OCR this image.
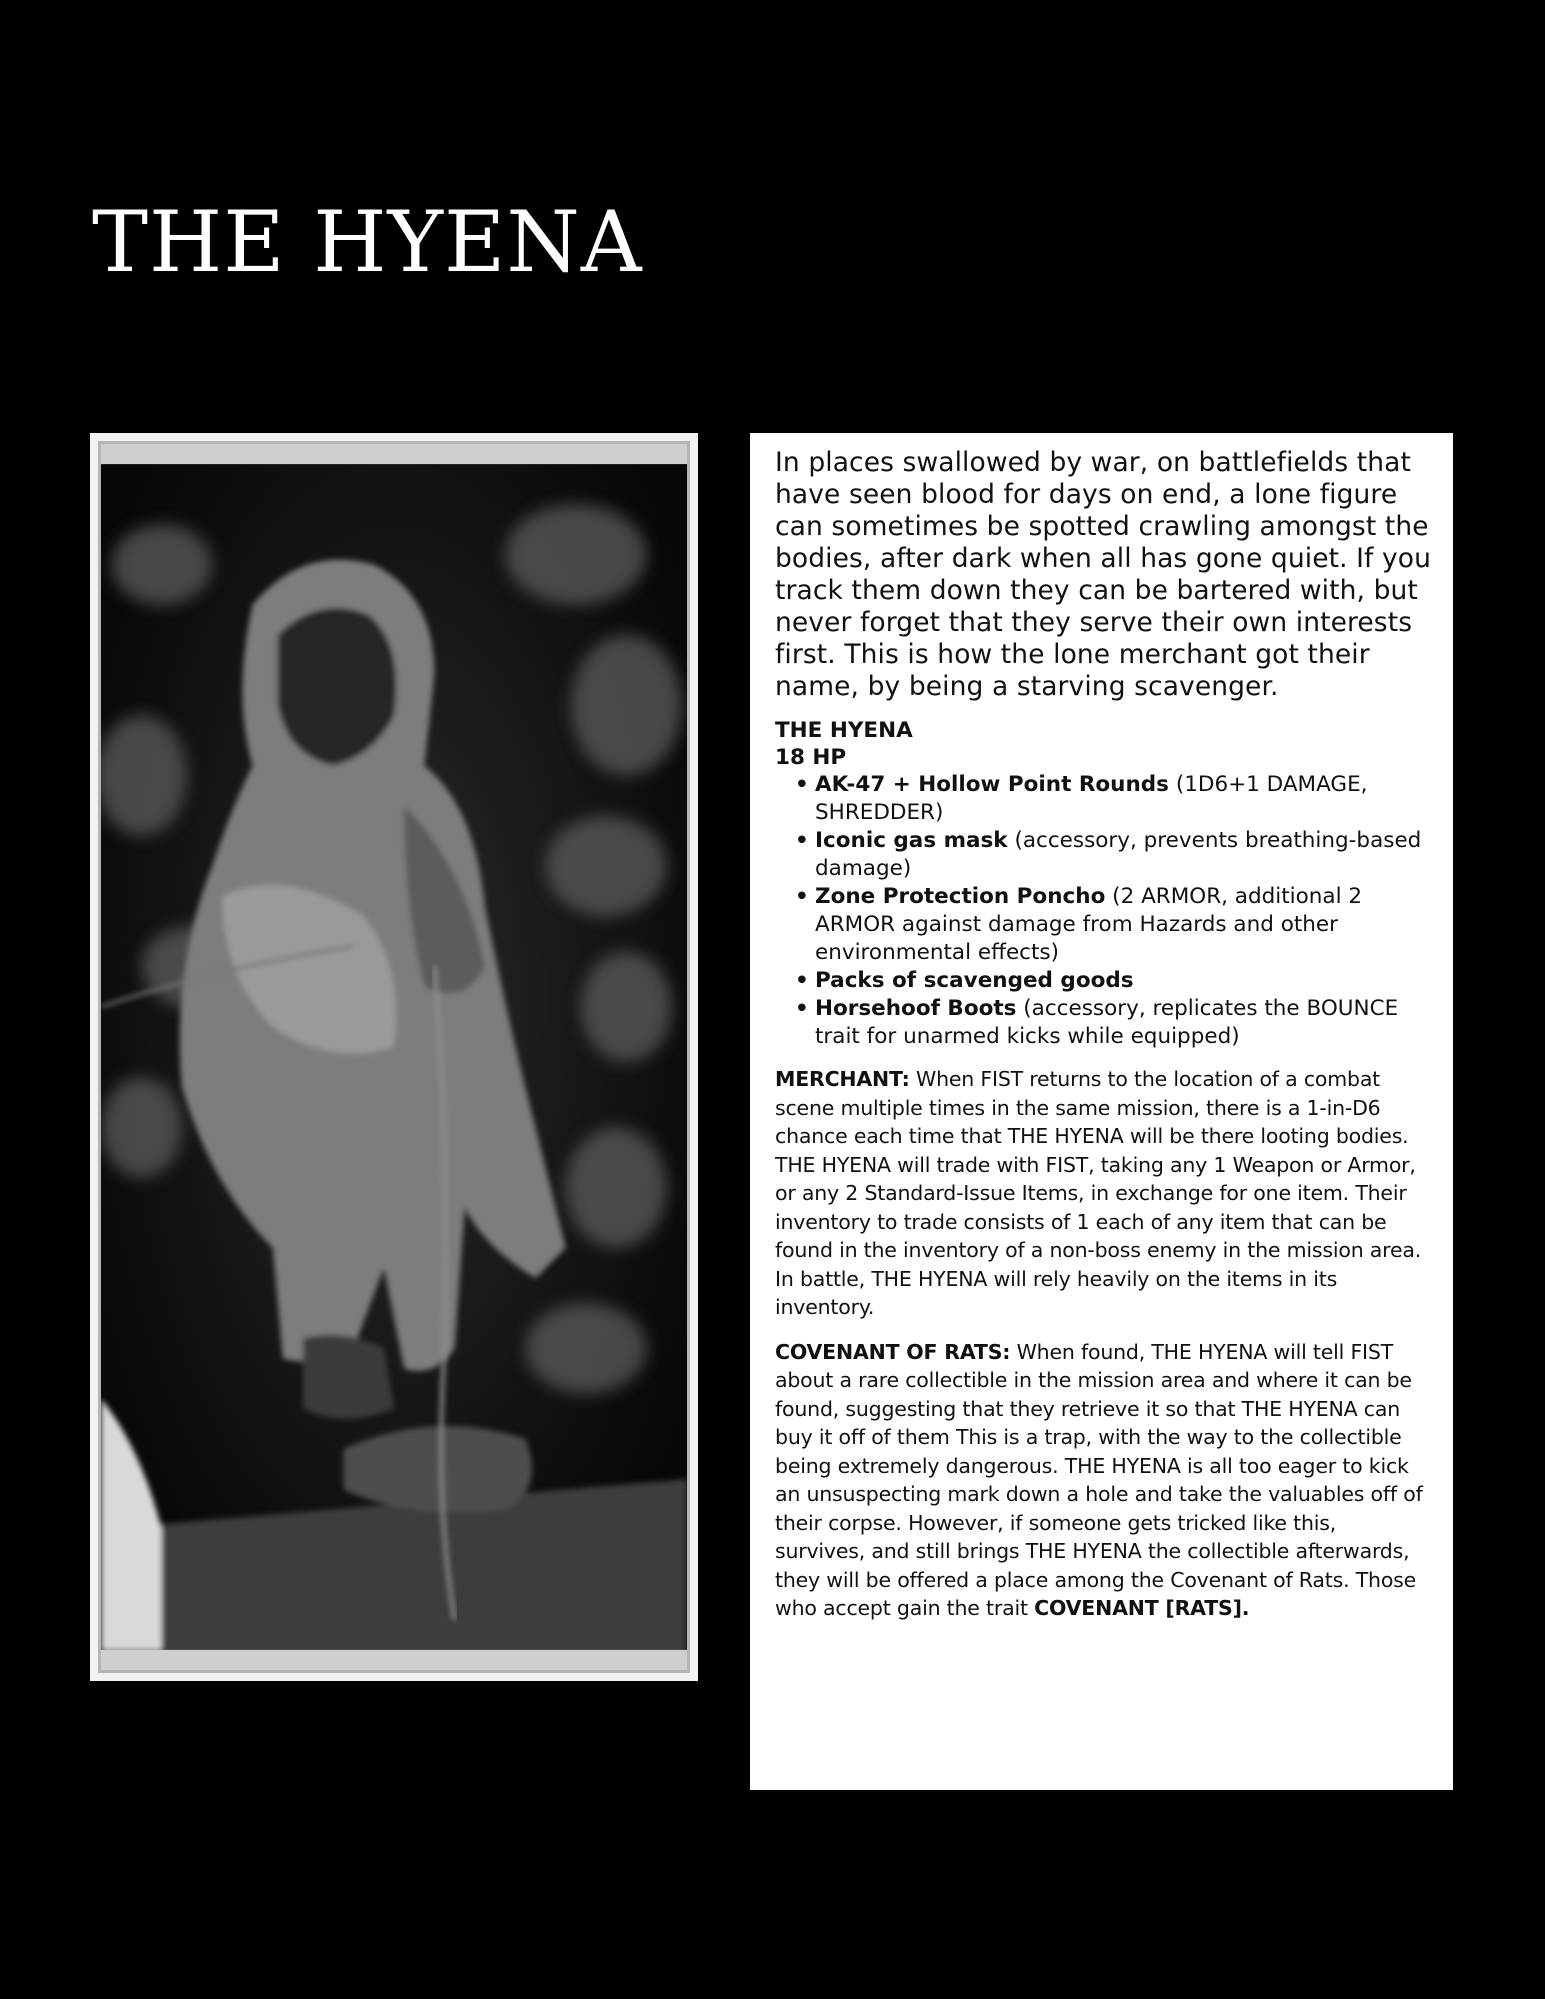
THE HYENA

In places swallowed by war, on battlefields that have seen blood for days on end, a lone figure can sometimes be spotted crawling amongst the bodies, after dark when all has gone quiet. If you track them down they can be bartered with, but never forget that they serve their own interests first. This is how the lone merchant got their name, by being a starving scavenger.

THE HYENA
18 HP
• AK-47 + Hollow Point Rounds (1D6+1 DAMAGE, SHREDDER)
• Iconic gas mask (accessory, prevents breathing-based damage)
• Zone Protection Poncho (2 ARMOR, additional 2 ARMOR against damage from Hazards and other environmental effects)
• Packs of scavenged goods
• Horsehoof Boots (accessory, replicates the BOUNCE trait for unarmed kicks while equipped)

MERCHANT: When FIST returns to the location of a combat scene multiple times in the same mission, there is a 1-in-D6 chance each time that THE HYENA will be there looting bodies. THE HYENA will trade with FIST, taking any 1 Weapon or Armor, or any 2 Standard-Issue Items, in exchange for one item. Their inventory to trade consists of 1 each of any item that can be found in the inventory of a non-boss enemy in the mission area. In battle, THE HYENA will rely heavily on the items in its inventory.

COVENANT OF RATS: When found, THE HYENA will tell FIST about a rare collectible in the mission area and where it can be found, suggesting that they retrieve it so that THE HYENA can buy it off of them This is a trap, with the way to the collectible being extremely dangerous. THE HYENA is all too eager to kick an unsuspecting mark down a hole and take the valuables off of their corpse. However, if someone gets tricked like this, survives, and still brings THE HYENA the collectible afterwards, they will be offered a place among the Covenant of Rats. Those who accept gain the trait COVENANT [RATS].
